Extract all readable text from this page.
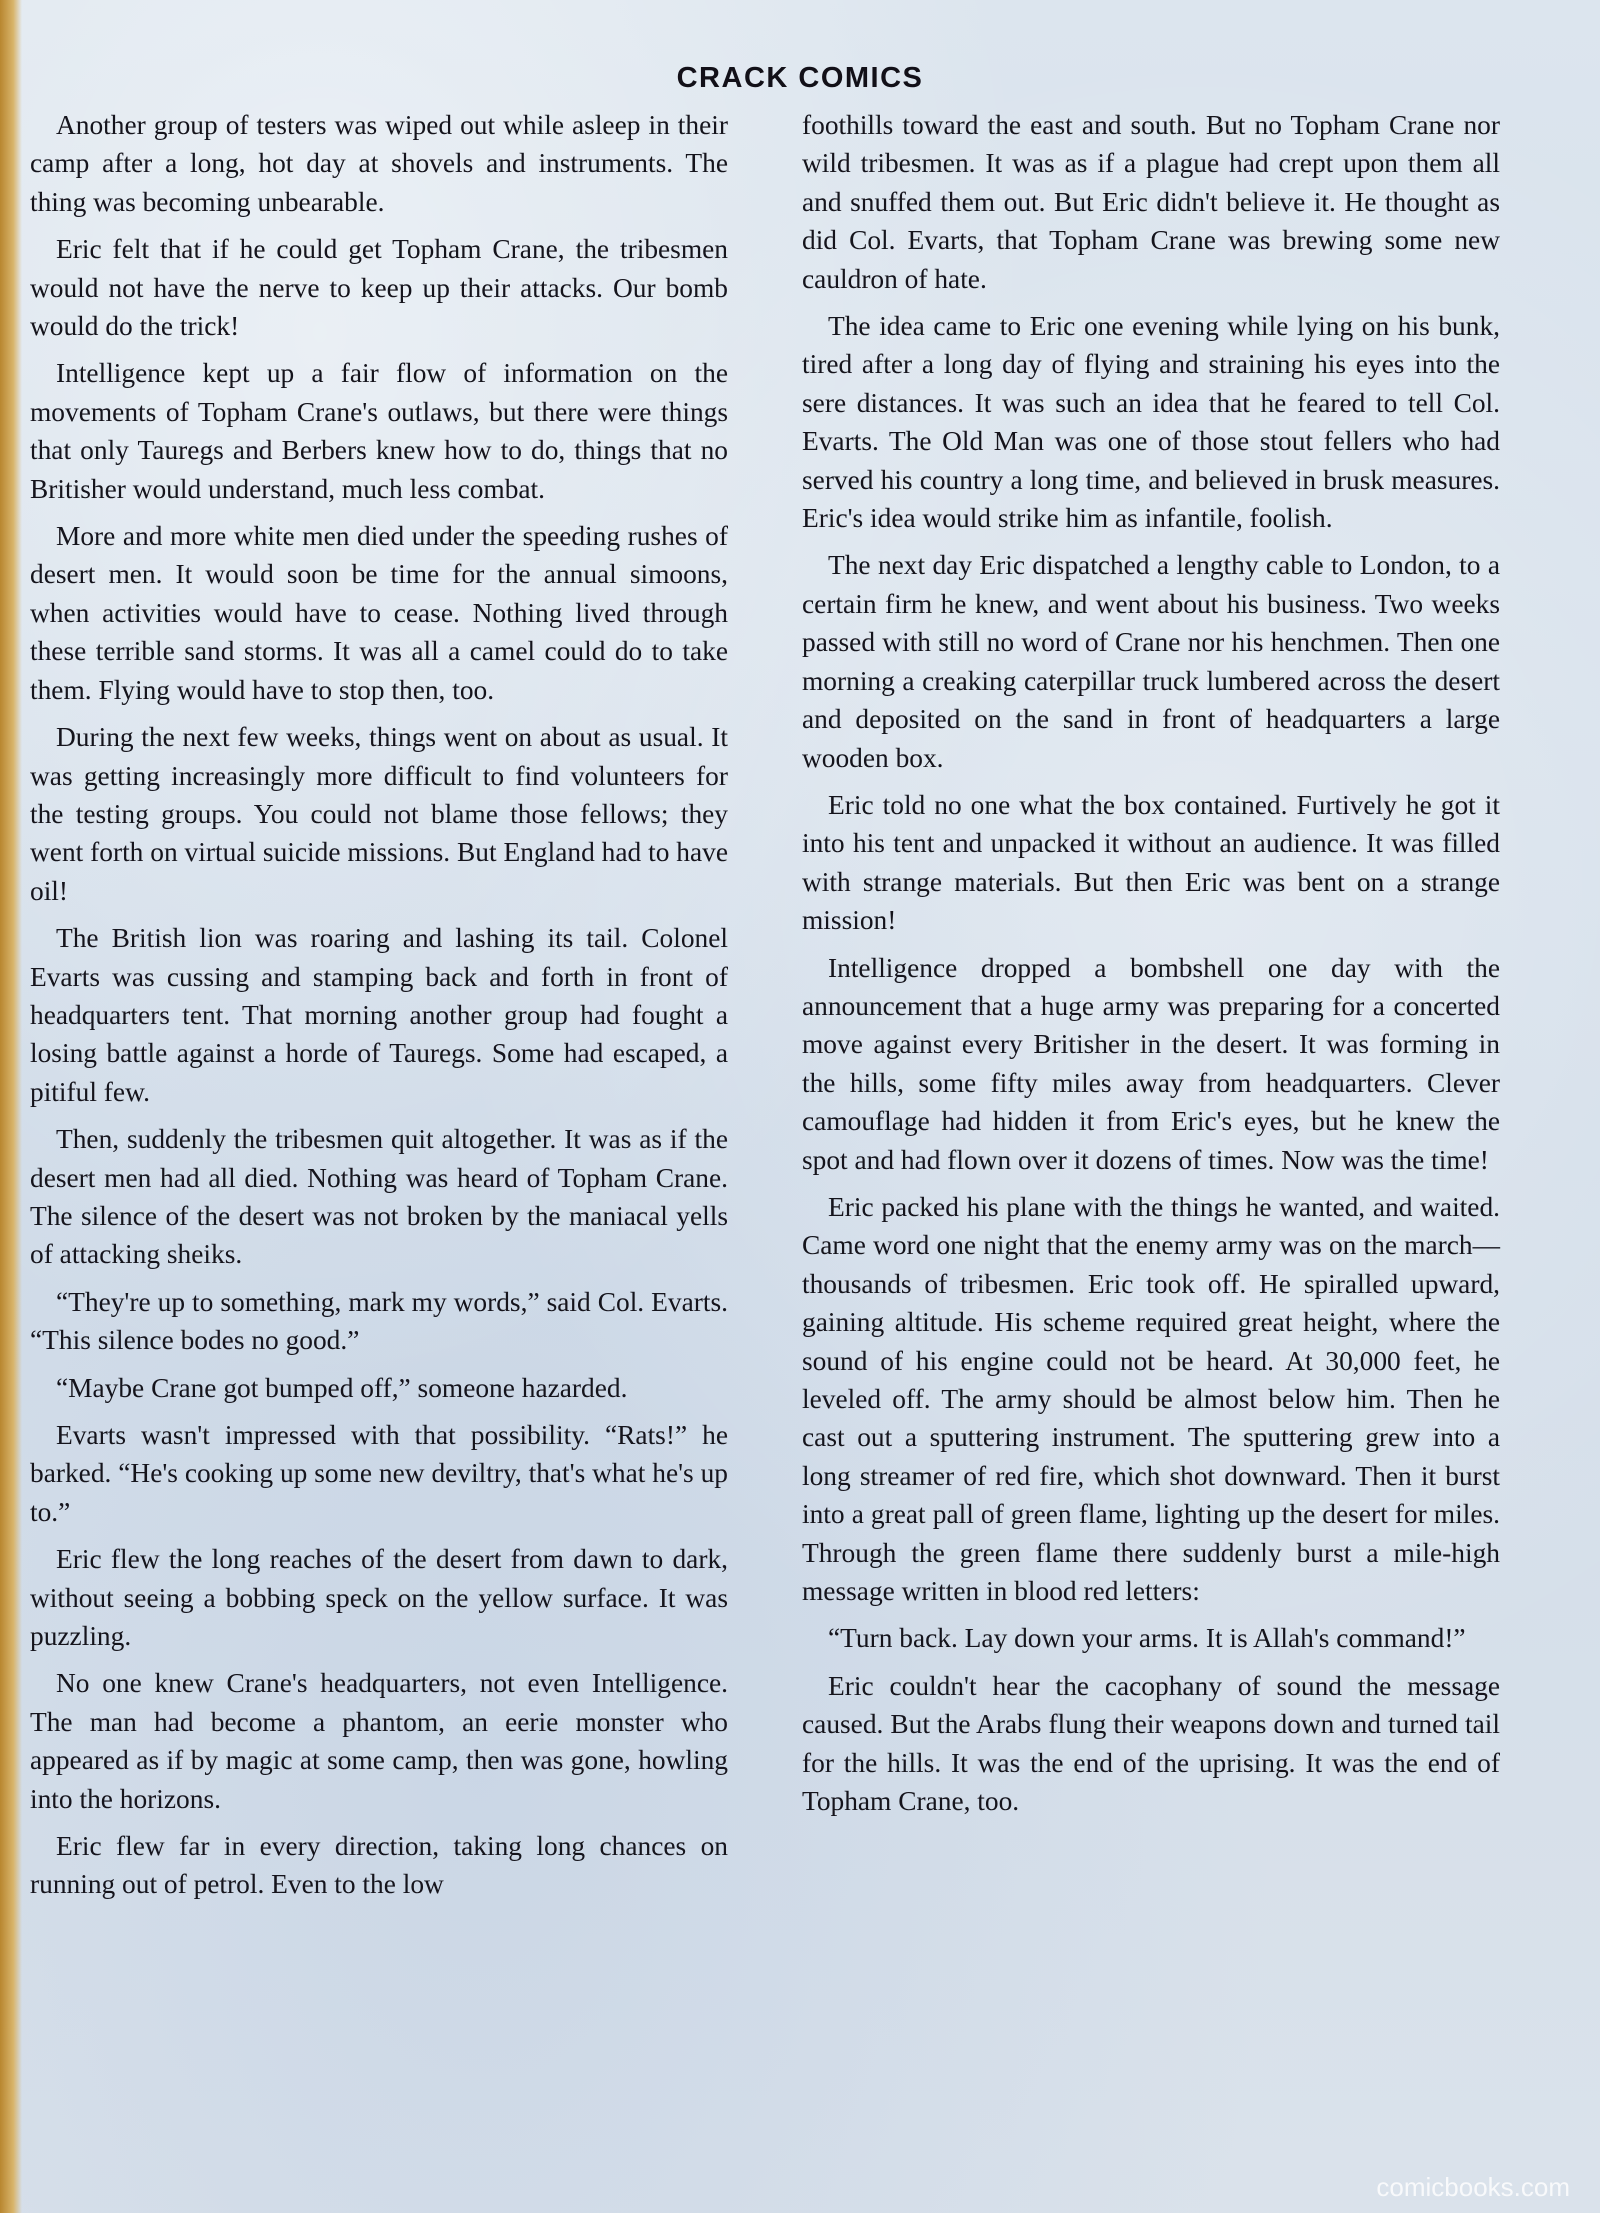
CRACK COMICS

Another group of testers was wiped out while asleep in their camp after a long, hot day at shovels and instruments. The thing was becoming unbearable.

Eric felt that if he could get Topham Crane, the tribesmen would not have the nerve to keep up their attacks. Our bomb would do the trick!

Intelligence kept up a fair flow of information on the movements of Topham Crane's outlaws, but there were things that only Tauregs and Berbers knew how to do, things that no Britisher would understand, much less combat.

More and more white men died under the speeding rushes of desert men. It would soon be time for the annual simoons, when activities would have to cease. Nothing lived through these terrible sand storms. It was all a camel could do to take them. Flying would have to stop then, too.

During the next few weeks, things went on about as usual. It was getting increasingly more difficult to find volunteers for the testing groups. You could not blame those fellows; they went forth on virtual suicide missions. But England had to have oil!

The British lion was roaring and lashing its tail. Colonel Evarts was cussing and stamping back and forth in front of headquarters tent. That morning another group had fought a losing battle against a horde of Tauregs. Some had escaped, a pitiful few.

Then, suddenly the tribesmen quit altogether. It was as if the desert men had all died. Nothing was heard of Topham Crane. The silence of the desert was not broken by the maniacal yells of attacking sheiks.

“They're up to something, mark my words,” said Col. Evarts. “This silence bodes no good.”

“Maybe Crane got bumped off,” someone hazarded.

Evarts wasn't impressed with that possibility. “Rats!” he barked. “He's cooking up some new deviltry, that's what he's up to.”

Eric flew the long reaches of the desert from dawn to dark, without seeing a bobbing speck on the yellow surface. It was puzzling.

No one knew Crane's headquarters, not even Intelligence. The man had become a phantom, an eerie monster who appeared as if by magic at some camp, then was gone, howling into the horizons.

Eric flew far in every direction, taking long chances on running out of petrol. Even to the low

foothills toward the east and south. But no Topham Crane nor wild tribesmen. It was as if a plague had crept upon them all and snuffed them out. But Eric didn't believe it. He thought as did Col. Evarts, that Topham Crane was brewing some new cauldron of hate.

The idea came to Eric one evening while lying on his bunk, tired after a long day of flying and straining his eyes into the sere distances. It was such an idea that he feared to tell Col. Evarts. The Old Man was one of those stout fellers who had served his country a long time, and believed in brusk measures. Eric's idea would strike him as infantile, foolish.

The next day Eric dispatched a lengthy cable to London, to a certain firm he knew, and went about his business. Two weeks passed with still no word of Crane nor his henchmen. Then one morning a creaking caterpillar truck lumbered across the desert and deposited on the sand in front of headquarters a large wooden box.

Eric told no one what the box contained. Furtively he got it into his tent and unpacked it without an audience. It was filled with strange materials. But then Eric was bent on a strange mission!

Intelligence dropped a bombshell one day with the announcement that a huge army was preparing for a concerted move against every Britisher in the desert. It was forming in the hills, some fifty miles away from headquarters. Clever camouflage had hidden it from Eric's eyes, but he knew the spot and had flown over it dozens of times. Now was the time!

Eric packed his plane with the things he wanted, and waited. Came word one night that the enemy army was on the march—thousands of tribesmen. Eric took off. He spiralled upward, gaining altitude. His scheme required great height, where the sound of his engine could not be heard. At 30,000 feet, he leveled off. The army should be almost below him. Then he cast out a sputtering instrument. The sputtering grew into a long streamer of red fire, which shot downward. Then it burst into a great pall of green flame, lighting up the desert for miles. Through the green flame there suddenly burst a mile-high message written in blood red letters:

“Turn back. Lay down your arms. It is Allah's command!”

Eric couldn't hear the cacophany of sound the message caused. But the Arabs flung their weapons down and turned tail for the hills. It was the end of the uprising. It was the end of Topham Crane, too.

comicbooks.com
